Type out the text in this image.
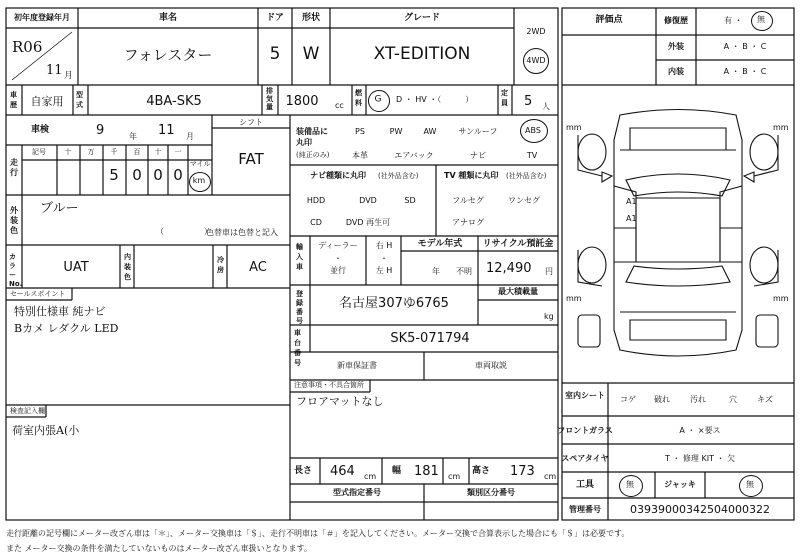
初年度登録年月
R06
11 月
車名
フォレスター
ドア
5
形状
W
グレード
XT-EDITION
2WD
4WD
車歴 自家用 型式	4BA-SK5
排気量 1800 cc
燃料 G D ・ HV ・（　　　）
定員 5 人
車検	9	年 11 月
シフト
FAT
走行
記号	十 万 千 百 十 一
5 0 0 0
マイル
km
外装色
ブルー
（　　　　　）
色替車は色替と記入
カラーNo.
UAT
内装色
冷房 AC
セールスポイント
特別仕様車 純ナビ
Bカメ レダクル LED
検査記入欄
荷室内張A(小
装備品に丸印
(純正のみ)
PS	PW	AW	サンルーフ	ABS
本革	エアバック	ナビ	TV
ナビ種類に丸印 (社外品含む)
HDD	DVD	SD
CD	DVD 再生可
TV 種類に丸印 (社外品含む)
フルセグ	ワンセグ
アナログ
輸入車
ディーラー
・
並行
右 H
・
左 H
モデル年式
年 不明
リサイクル預託金
12,490 円
登録番号
名古屋307ゆ6765
最大積載量
kg
車台番号
SK5-071794
新車保証書	車両取説
注意事項・不具合箇所
フロアマットなし
長さ 464 cm
幅 181 cm
高さ 173 cm
型式指定番号	類別区分番号
評価点	修復歴	有 ・ 無
外装	A ・ B ・ C
内装	A ・ B ・ C
A1
A1
mm	mm
mm	mm
室内シート コゲ 破れ	汚れ	穴	キズ
フロントガラス	A ・ ×要ス
スペアタイヤ	T ・ 修理 KIT ・ 欠
工具	無	ジャッキ	無
管理番号	03939000342504000322
走行距離の記号欄にメーター改ざん車は「＊」、メーター交換車は「＄」、走行不明車は「＃」を記入してください。メーター交換で合算表示した場合にも「＄」は必要です。
また メーター交換の条件を満たしていないものはメーター改ざん車扱いとなります。
